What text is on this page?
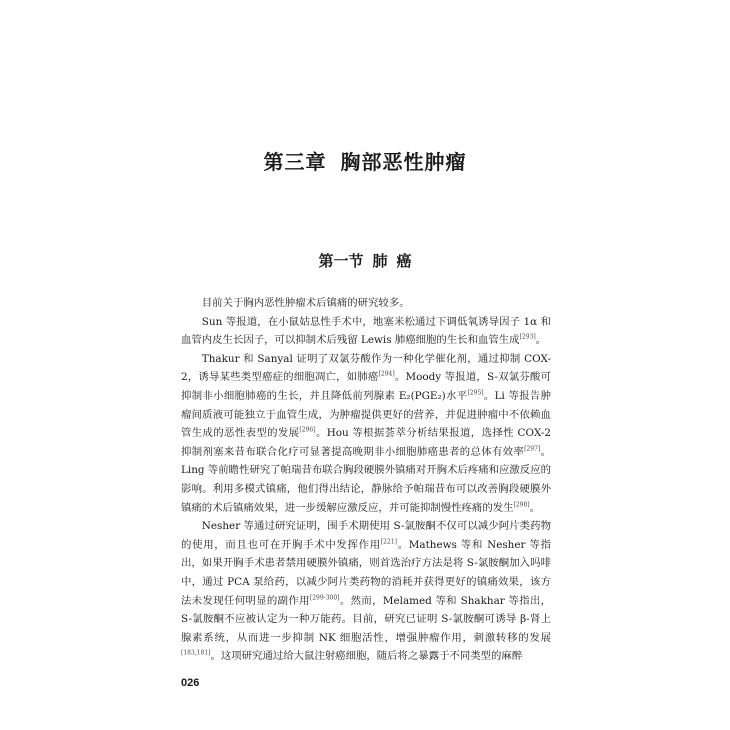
第三章 胸部恶性肿瘤
第一节 肺 癌

目前关于胸内恶性肿瘤术后镇痛的研究较多。

Sun 等报道，在小鼠姑息性手术中，地塞米松通过下调低氧诱导因子 1α 和血管内皮生长因子，可以抑制术后残留 Lewis 肺癌细胞的生长和血管生成[293]。

Thakur 和 Sanyal 证明了双氯芬酸作为一种化学催化剂，通过抑制 COX-2，诱导某些类型癌症的细胞凋亡，如肺癌[294]。Moody 等报道，S-双氯芬酸可抑制非小细胞肺癌的生长，并且降低前列腺素 E₂(PGE₂)水平[295]。Li 等报告肿瘤间质液可能独立于血管生成，为肿瘤提供更好的营养，并促进肿瘤中不依赖血管生成的恶性表型的发展[296]。Hou 等根据荟萃分析结果报道，选择性 COX-2 抑制剂塞来昔布联合化疗可显著提高晚期非小细胞肺癌患者的总体有效率[297]。Ling 等前瞻性研究了帕瑞昔布联合胸段硬膜外镇痛对开胸术后疼痛和应激反应的影响。利用多模式镇痛，他们得出结论，静脉给予帕瑞昔布可以改善胸段硬膜外镇痛的术后镇痛效果，进一步缓解应激反应，并可能抑制慢性疼痛的发生[298]。

Nesher 等通过研究证明，围手术期使用 S-氯胺酮不仅可以减少阿片类药物的使用，而且也可在开胸手术中发挥作用[221]。Mathews 等和 Nesher 等指出，如果开胸手术患者禁用硬膜外镇痛，则首选治疗方法是将 S-氯胺酮加入吗啡中，通过 PCA 泵给药，以减少阿片类药物的消耗并获得更好的镇痛效果，该方法未发现任何明显的副作用[299-300]。然而，Melamed 等和 Shakhar 等指出，S-氯胺酮不应被认定为一种万能药。目前，研究已证明 S-氯胺酮可诱导 β-肾上腺素系统，从而进一步抑制 NK 细胞活性，增强肿瘤作用，刺激转移的发展[183,181]。这项研究通过给大鼠注射癌细胞，随后将之暴露于不同类型的麻醉

026
